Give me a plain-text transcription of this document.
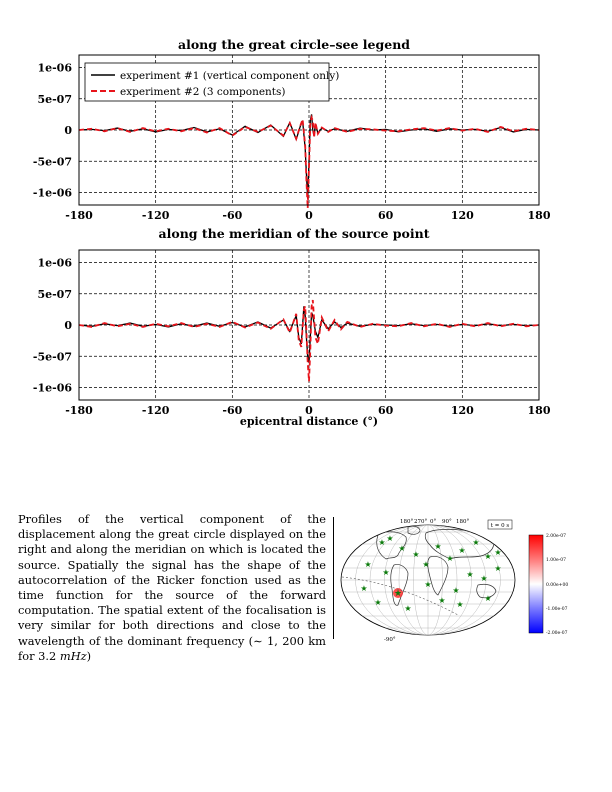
along the great circle–see legend
1e-06
5e-07
0
-5e-07
-1e-06
-180	-120	-60	0	60	120	180
experiment #1 (vertical component only)
experiment #2 (3 components)
along the meridian of the source point
1e-06
5e-07
0
-5e-07
-1e-06
-180	-120	-60	0	60	120	180
epicentral distance (°)
Profiles of the vertical component of the displacement along the great circle displayed on the right and along the meridian on which is located the source. Spatially the signal has the shape of the autocorrelation of the Ricker fonction used as the time function for the source of the forward computation. The spatial extent of the focalisation is very similar for both directions and close to the wavelength of the dominant frequency (∼ 1, 200 km for 3.2 mHz)
★ ★
★
★
★
★
★
★
★
★
★
★
★
★
★
★
★
★
★
★
★
★
★
★
★
180° 270° 0° 90° 180°
-90°
t = 0 s
2.00e-07
1.00e-07
0.00e+00
-1.00e-07
-2.00e-07
